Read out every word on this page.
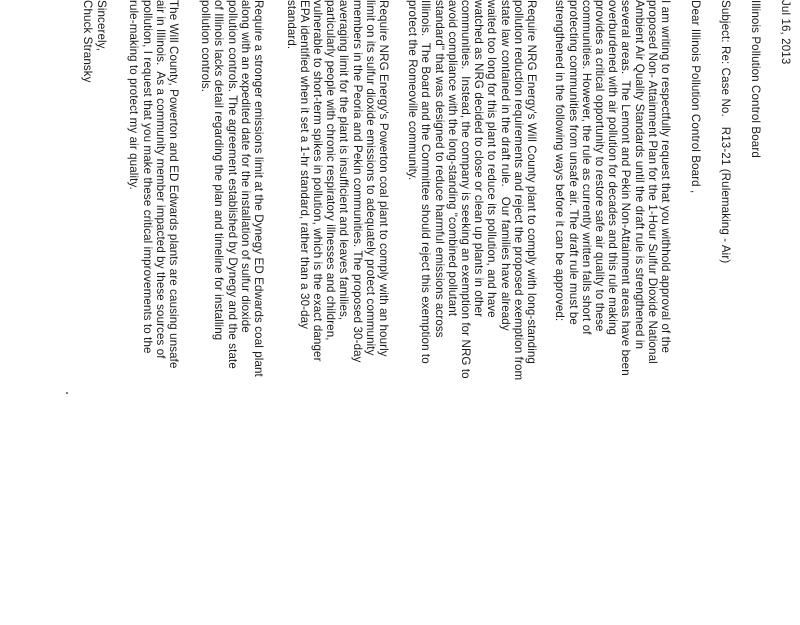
Jul 16, 2013
Illinois Pollution Control Board
Subject: Re: Case No.   R13-21 (Rulemaking - Air)
Dear Illinois Pollution Control Board ,
I am writing to respectfully request that you withhold approval of the
proposed Non- Attainment Plan for the 1-Hour Sulfur Dioxide National
Ambient Air Quality Standards until the draft rule is strengthened in
several areas.  The Lemont and Pekin Non-Attainment areas have been
overburdened with air pollution for decades and this rule making
provides a critical opportunity to restore safe air quality to these
communities. However, the rule as currently written falls short of
protecting communities from unsafe air. The draft rule must be
strengthened in the following ways before it can be approved:
Require NRG Energy's Will County plant to comply with long-standing
pollution reduction requirements and reject the proposed exemption from
state law contained in the draft rule.   Our families have already
waited too long for this plant to reduce its pollution, and have
watched as NRG decided to close or clean up plants in other
communities.  Instead, the company is seeking an exemption for NRG to
avoid compliance with the long-standing "combined pollutant
standard" that was designed to reduce harmful emissions across
Illinois.  The Board and the Committee should reject this exemption to
protect the Romeoville community.
Require NRG Energy's Powerton coal plant to comply with an hourly
limit on its sulfur dioxide emissions to adequately protect community
members in the Peoria and Pekin communities. The proposed 30-day
averaging limit for the plant is insufficient and leaves families,
particularly people with chronic respiratory illnesses and children,
vulnerable to short-term spikes in pollution, which is the exact danger
EPA identified when it set a 1-hr standard, rather than a 30-day
standard.
Require a stronger emissions limit at the Dynegy ED Edwards coal plant
along with an expedited date for the installation of sulfur dioxide
pollution controls. The agreement established by Dynegy and the state
of Illinois lacks detail regarding the plan and timeline for installing
pollution controls.
The Will County, Powerton and ED Edwards plants are causing unsafe
air in Illinois.  As a community member impacted by these sources of
pollution, I request that you make these critical improvements to the
rule-making to protect my air quality.
Sincerely,
Chuck Stransky
